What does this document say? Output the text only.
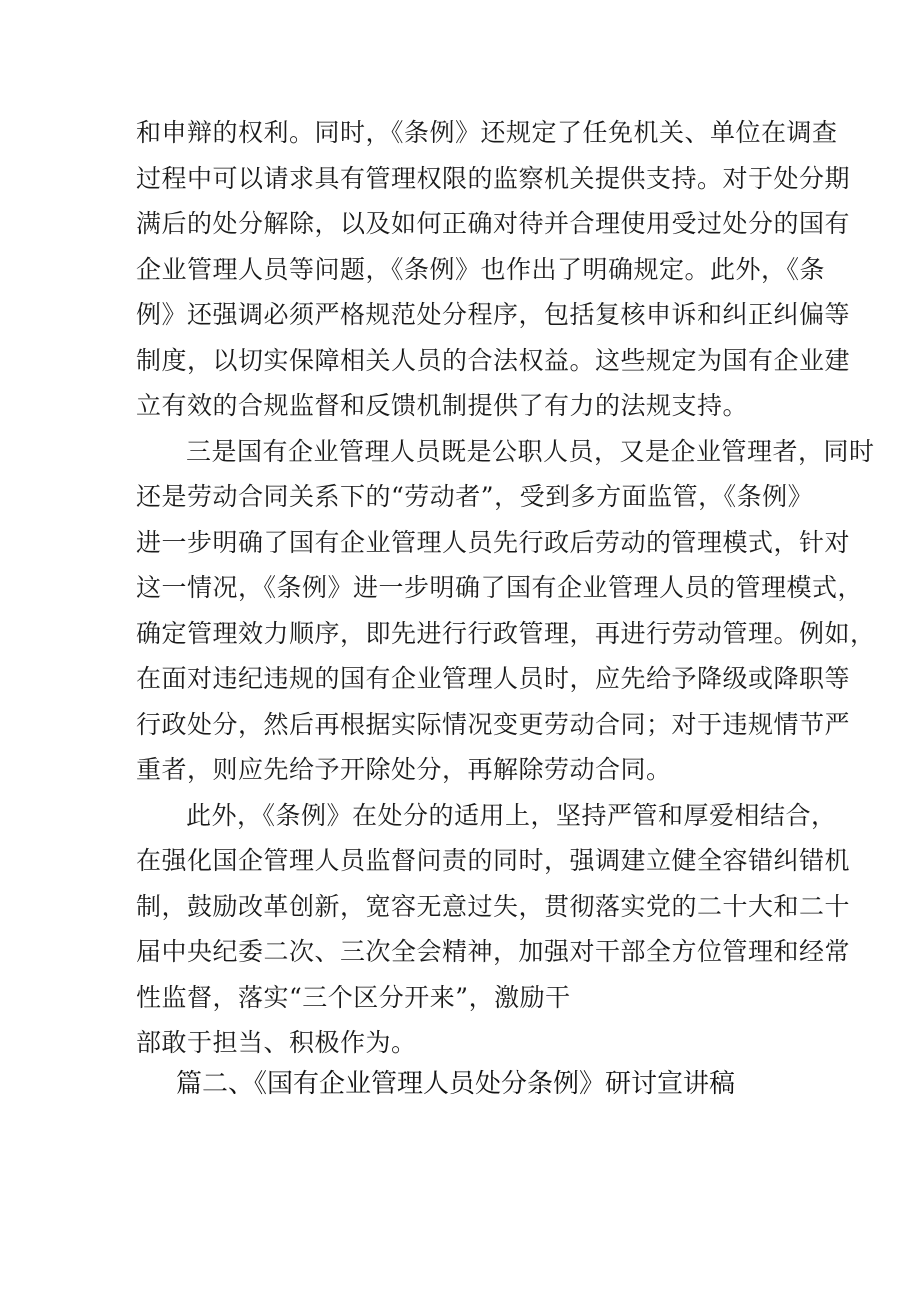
和申辩的权利。同时，《条例》还规定了任免机关、单位在调查
过程中可以请求具有管理权限的监察机关提供支持。对于处分期
满后的处分解除，以及如何正确对待并合理使用受过处分的国有
企业管理人员等问题，《条例》也作出了明确规定。此外，《条
例》还强调必须严格规范处分程序，包括复核申诉和纠正纠偏等
制度，以切实保障相关人员的合法权益。这些规定为国有企业建
立有效的合规监督和反馈机制提供了有力的法规支持。

三是国有企业管理人员既是公职人员，又是企业管理者，同时
还是劳动合同关系下的“劳动者”，受到多方面监管，《条例》
进一步明确了国有企业管理人员先行政后劳动的管理模式，针对
这一情况，《条例》进一步明确了国有企业管理人员的管理模式，
确定管理效力顺序，即先进行行政管理，再进行劳动管理。例如，
在面对违纪违规的国有企业管理人员时，应先给予降级或降职等
行政处分，然后再根据实际情况变更劳动合同；对于违规情节严
重者，则应先给予开除处分，再解除劳动合同。

此外，《条例》在处分的适用上，坚持严管和厚爱相结合，
在强化国企管理人员监督问责的同时，强调建立健全容错纠错机
制，鼓励改革创新，宽容无意过失，贯彻落实党的二十大和二十
届中央纪委二次、三次全会精神，加强对干部全方位管理和经常
性监督，落实“三个区分开来”，激励干
部敢于担当、积极作为。

篇二、《国有企业管理人员处分条例》研讨宣讲稿
